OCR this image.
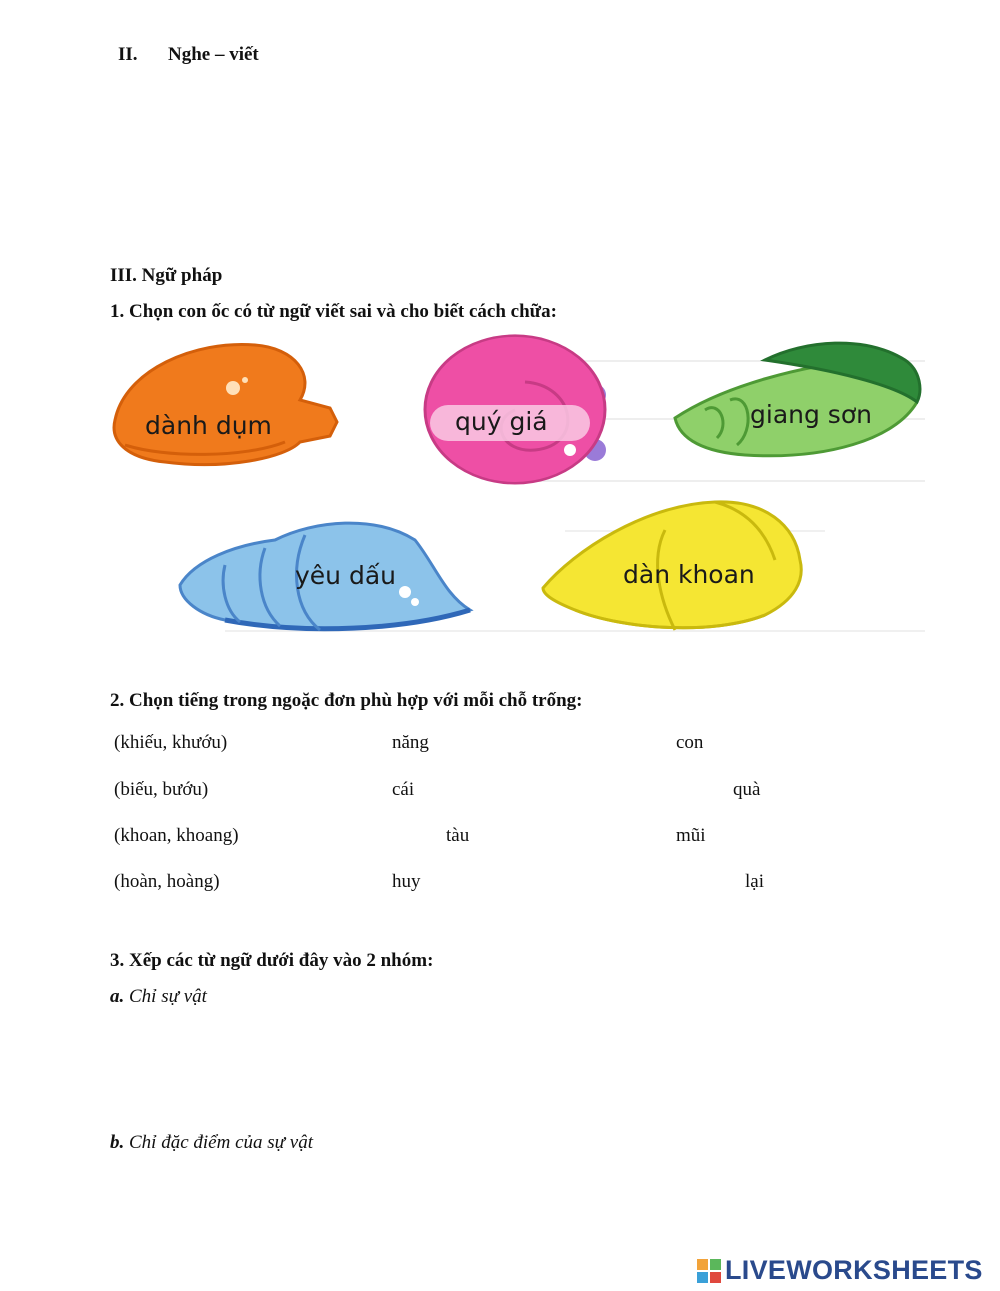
II. Nghe – viết
III. Ngữ pháp
1. Chọn con ốc có từ ngữ viết sai và cho biết cách chữa:
dành dụm	quý giá	giang sơn
yêu dấu	dàn khoan
2. Chọn tiếng trong ngoặc đơn phù hợp với mỗi chỗ trống:
(khiếu, khướu)	năng	con
(biếu, bướu)	cái	quà
(khoan, khoang)	tàu	mũi
(hoàn, hoàng)	huy	lại
3. Xếp các từ ngữ dưới đây vào 2 nhóm:
a. Chỉ sự vật
b. Chỉ đặc điểm của sự vật
LIVEWORKSHEETS
